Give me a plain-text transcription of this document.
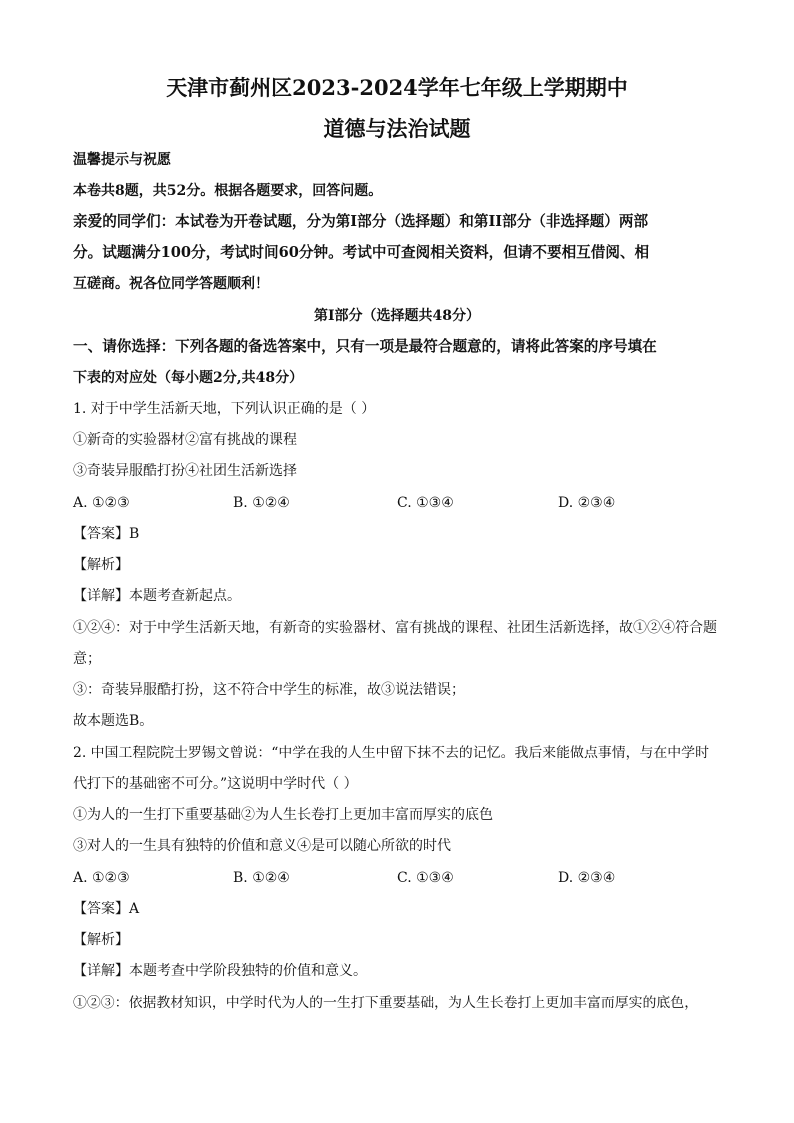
天津市蓟州区2023-2024学年七年级上学期期中
道德与法治试题
温馨提示与祝愿
本卷共8题，共52分。根据各题要求，回答问题。
亲爱的同学们：本试卷为开卷试题，分为第I部分（选择题）和第II部分（非选择题）两部
分。试题满分100分，考试时间60分钟。考试中可查阅相关资料，但请不要相互借阅、相
互磋商。祝各位同学答题顺利！
第I部分（选择题共48分）
一、请你选择：下列各题的备选答案中，只有一项是最符合题意的，请将此答案的序号填在
下表的对应处（每小题2分,共48分）
1. 对于中学生活新天地，下列认识正确的是（ ）
①新奇的实验器材②富有挑战的课程
③奇装异服酷打扮④社团生活新选择
A. ①②③	B. ①②④	C. ①③④	D. ②③④
【答案】B
【解析】
【详解】本题考查新起点。
①②④：对于中学生活新天地，有新奇的实验器材、富有挑战的课程、社团生活新选择，故①②④符合题
意；
③：奇装异服酷打扮，这不符合中学生的标准，故③说法错误；
故本题选B。
2. 中国工程院院士罗锡文曾说：“中学在我的人生中留下抹不去的记忆。我后来能做点事情，与在中学时
代打下的基础密不可分。”这说明中学时代（ ）
①为人的一生打下重要基础②为人生长卷打上更加丰富而厚实的底色
③对人的一生具有独特的价值和意义④是可以随心所欲的时代
A. ①②③	B. ①②④	C. ①③④	D. ②③④
【答案】A
【解析】
【详解】本题考查中学阶段独特的价值和意义。
①②③：依据教材知识，中学时代为人的一生打下重要基础，为人生长卷打上更加丰富而厚实的底色，
